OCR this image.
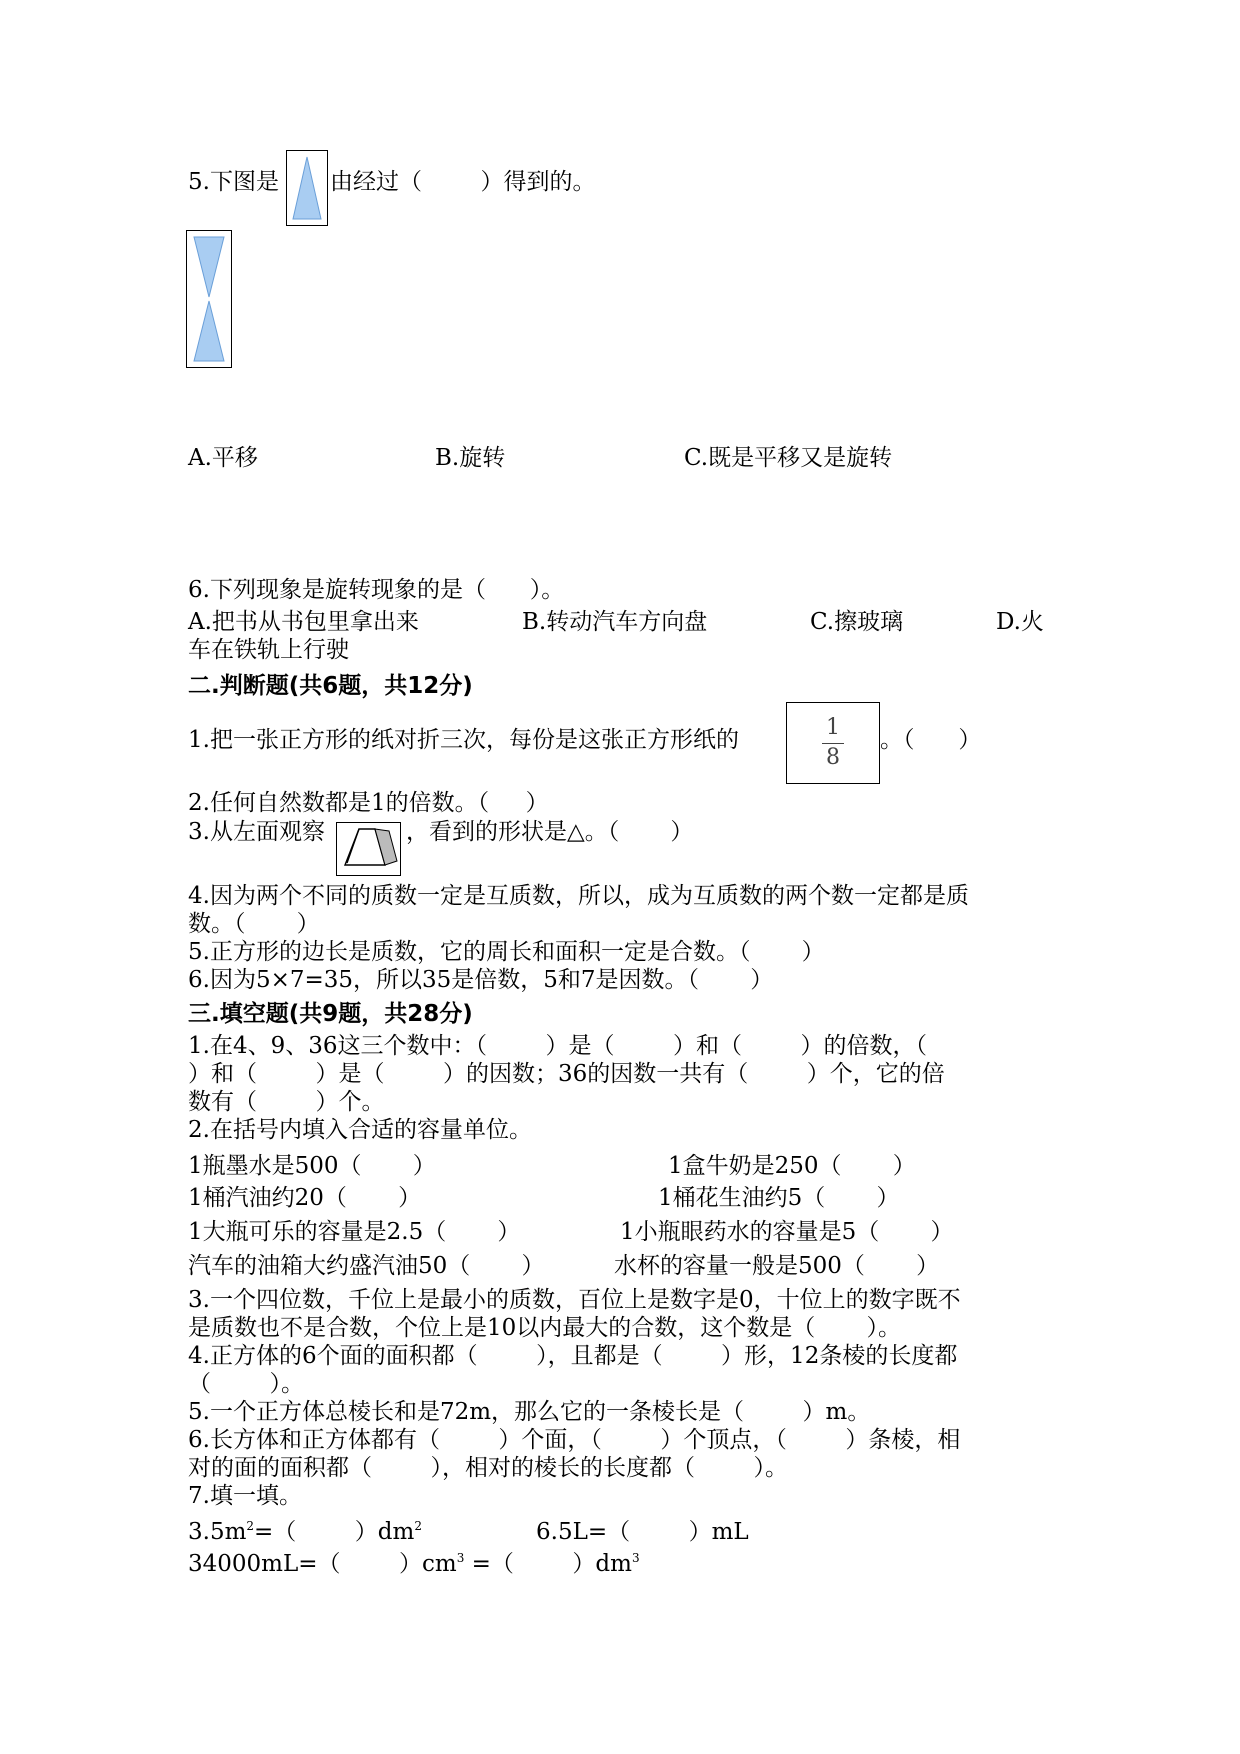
5.下图是 由经过（        ）得到的。
A.平移	B.旋转	C.既是平移又是旋转
6.下列现象是旋转现象的是（      ）。
A.把书从书包里拿出来	B.转动汽车方向盘	C.擦玻璃	D.火
车在铁轨上行驶
二.判断题(共6题，共12分)
1.把一张正方形的纸对折三次，每份是这张正方形纸的	1
8
。（      ）
2.任何自然数都是1的倍数。（     ）
3.从左面观察	，看到的形状是△。（       ）
4.因为两个不同的质数一定是互质数，所以，成为互质数的两个数一定都是质
数。（       ）
5.正方形的边长是质数，它的周长和面积一定是合数。（       ）
6.因为5×7=35，所以35是倍数，5和7是因数。（       ）
三.填空题(共9题，共28分)
1.在4、9、36这三个数中：（        ）是（        ）和（        ）的倍数，（
）和（        ）是（        ）的因数；36的因数一共有（        ）个，它的倍
数有（        ）个。
2.在括号内填入合适的容量单位。
1瓶墨水是500（       ）	1盒牛奶是250（       ）
1桶汽油约20（       ）	1桶花生油约5（       ）
1大瓶可乐的容量是2.5（       ）	1小瓶眼药水的容量是5（       ）
汽车的油箱大约盛汽油50（       ）	水杯的容量一般是500（       ）
3.一个四位数，千位上是最小的质数，百位上是数字是0，十位上的数字既不
是质数也不是合数，个位上是10以内最大的合数，这个数是（       ）。
4.正方体的6个面的面积都（        ），且都是（        ）形，12条棱的长度都
（        ）。
5.一个正方体总棱长和是72m，那么它的一条棱长是（        ）m。
6.长方体和正方体都有（        ）个面，（        ）个顶点，（        ）条棱，相
对的面的面积都（        ），相对的棱长的长度都（        ）。
7.填一填。
$3.5m^2=$（        ）$dm^2$	6.5L=（        ）mL
34000mL=（        ）$cm^3$ =（        ）$dm^3$
